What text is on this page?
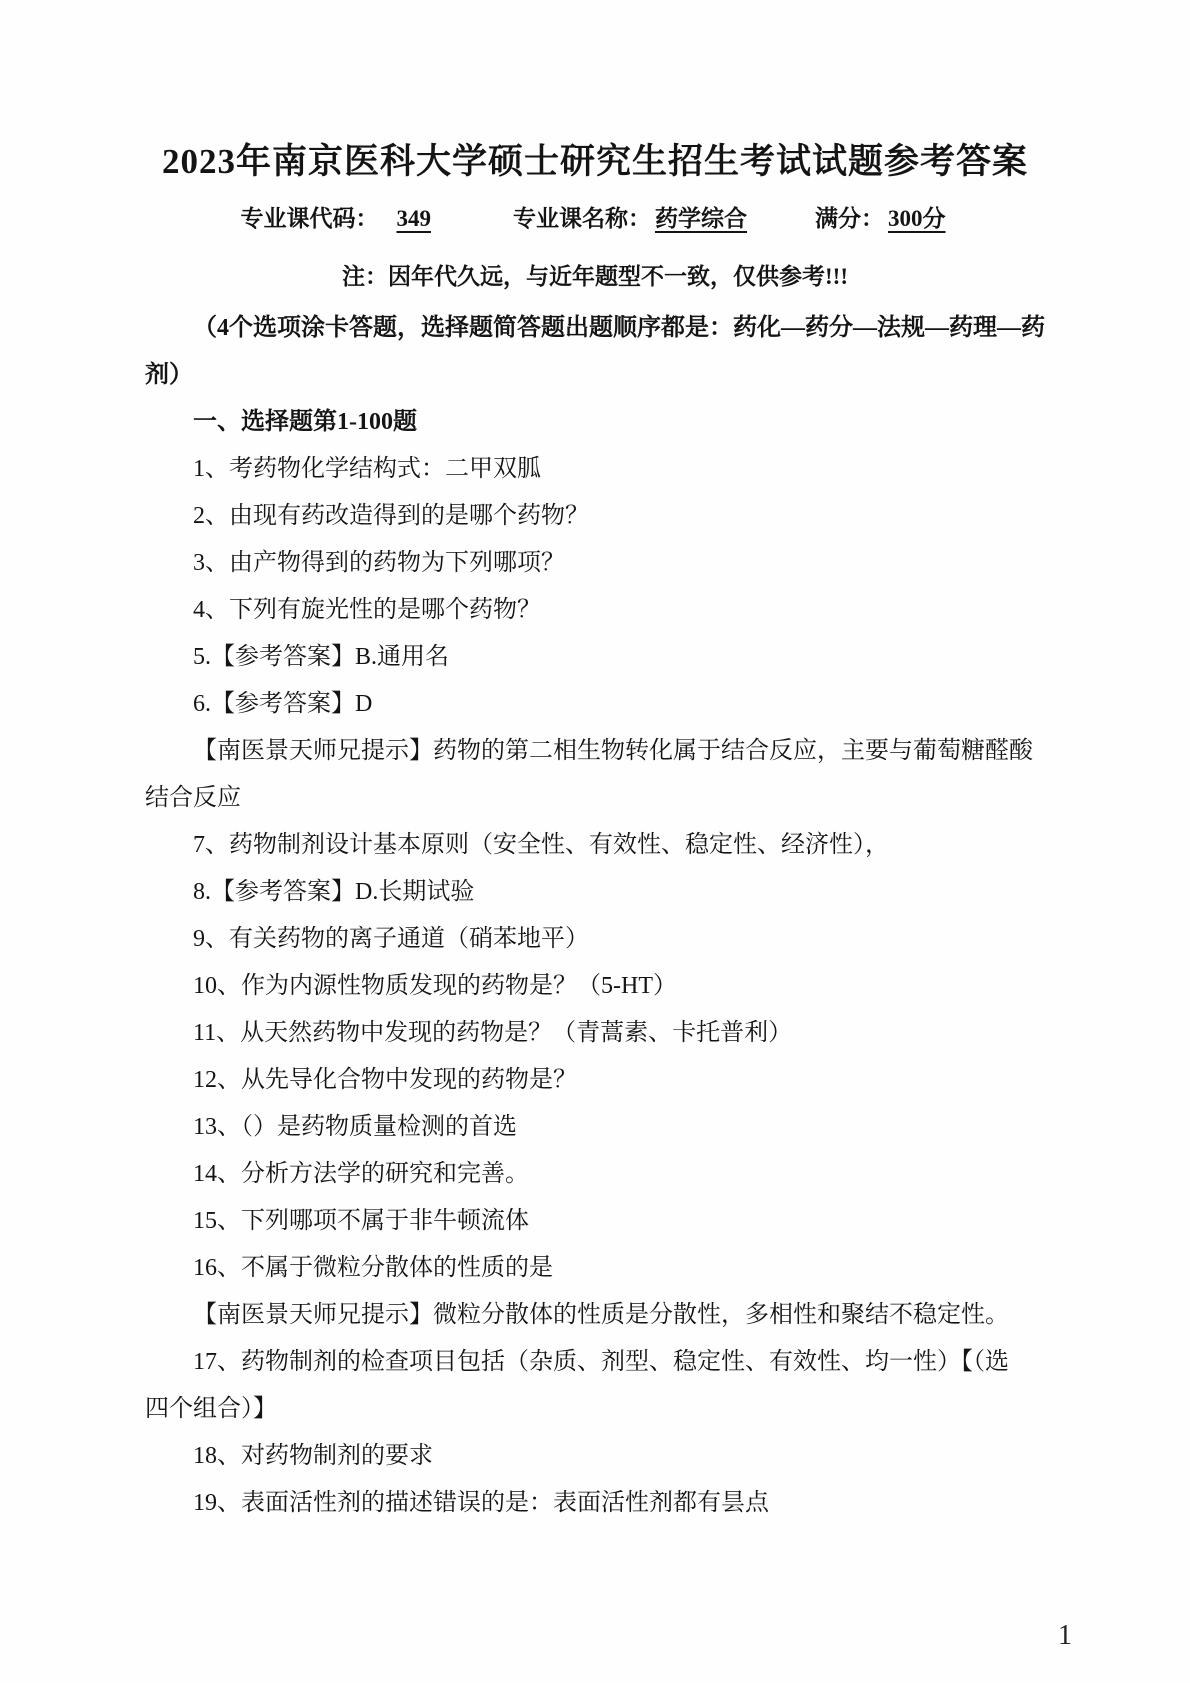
2023年南京医科大学硕士研究生招生考试试题参考答案
专业课代码： 349	专业课名称： 药学综合	满分： 300分
注：因年代久远，与近年题型不一致，仅供参考!!!
（4个选项涂卡答题，选择题简答题出题顺序都是：药化—药分—法规—药理—药
剂）
一、选择题第1-100题
1、考药物化学结构式：二甲双胍
2、由现有药改造得到的是哪个药物？
3、由产物得到的药物为下列哪项？
4、下列有旋光性的是哪个药物？
5.【参考答案】B.通用名
6.【参考答案】D
【南医景天师兄提示】药物的第二相生物转化属于结合反应，主要与葡萄糖醛酸
结合反应
7、药物制剂设计基本原则（安全性、有效性、稳定性、经济性），
8.【参考答案】D.长期试验
9、有关药物的离子通道（硝苯地平）
10、作为内源性物质发现的药物是？（5-HT）
11、从天然药物中发现的药物是？（青蒿素、卡托普利）
12、从先导化合物中发现的药物是？
13、（）是药物质量检测的首选
14、分析方法学的研究和完善。
15、下列哪项不属于非牛顿流体
16、不属于微粒分散体的性质的是
【南医景天师兄提示】微粒分散体的性质是分散性，多相性和聚结不稳定性。
17、药物制剂的检查项目包括（杂质、剂型、稳定性、有效性、均一性）【（选
四个组合）】
18、对药物制剂的要求
19、表面活性剂的描述错误的是：表面活性剂都有昙点
1
